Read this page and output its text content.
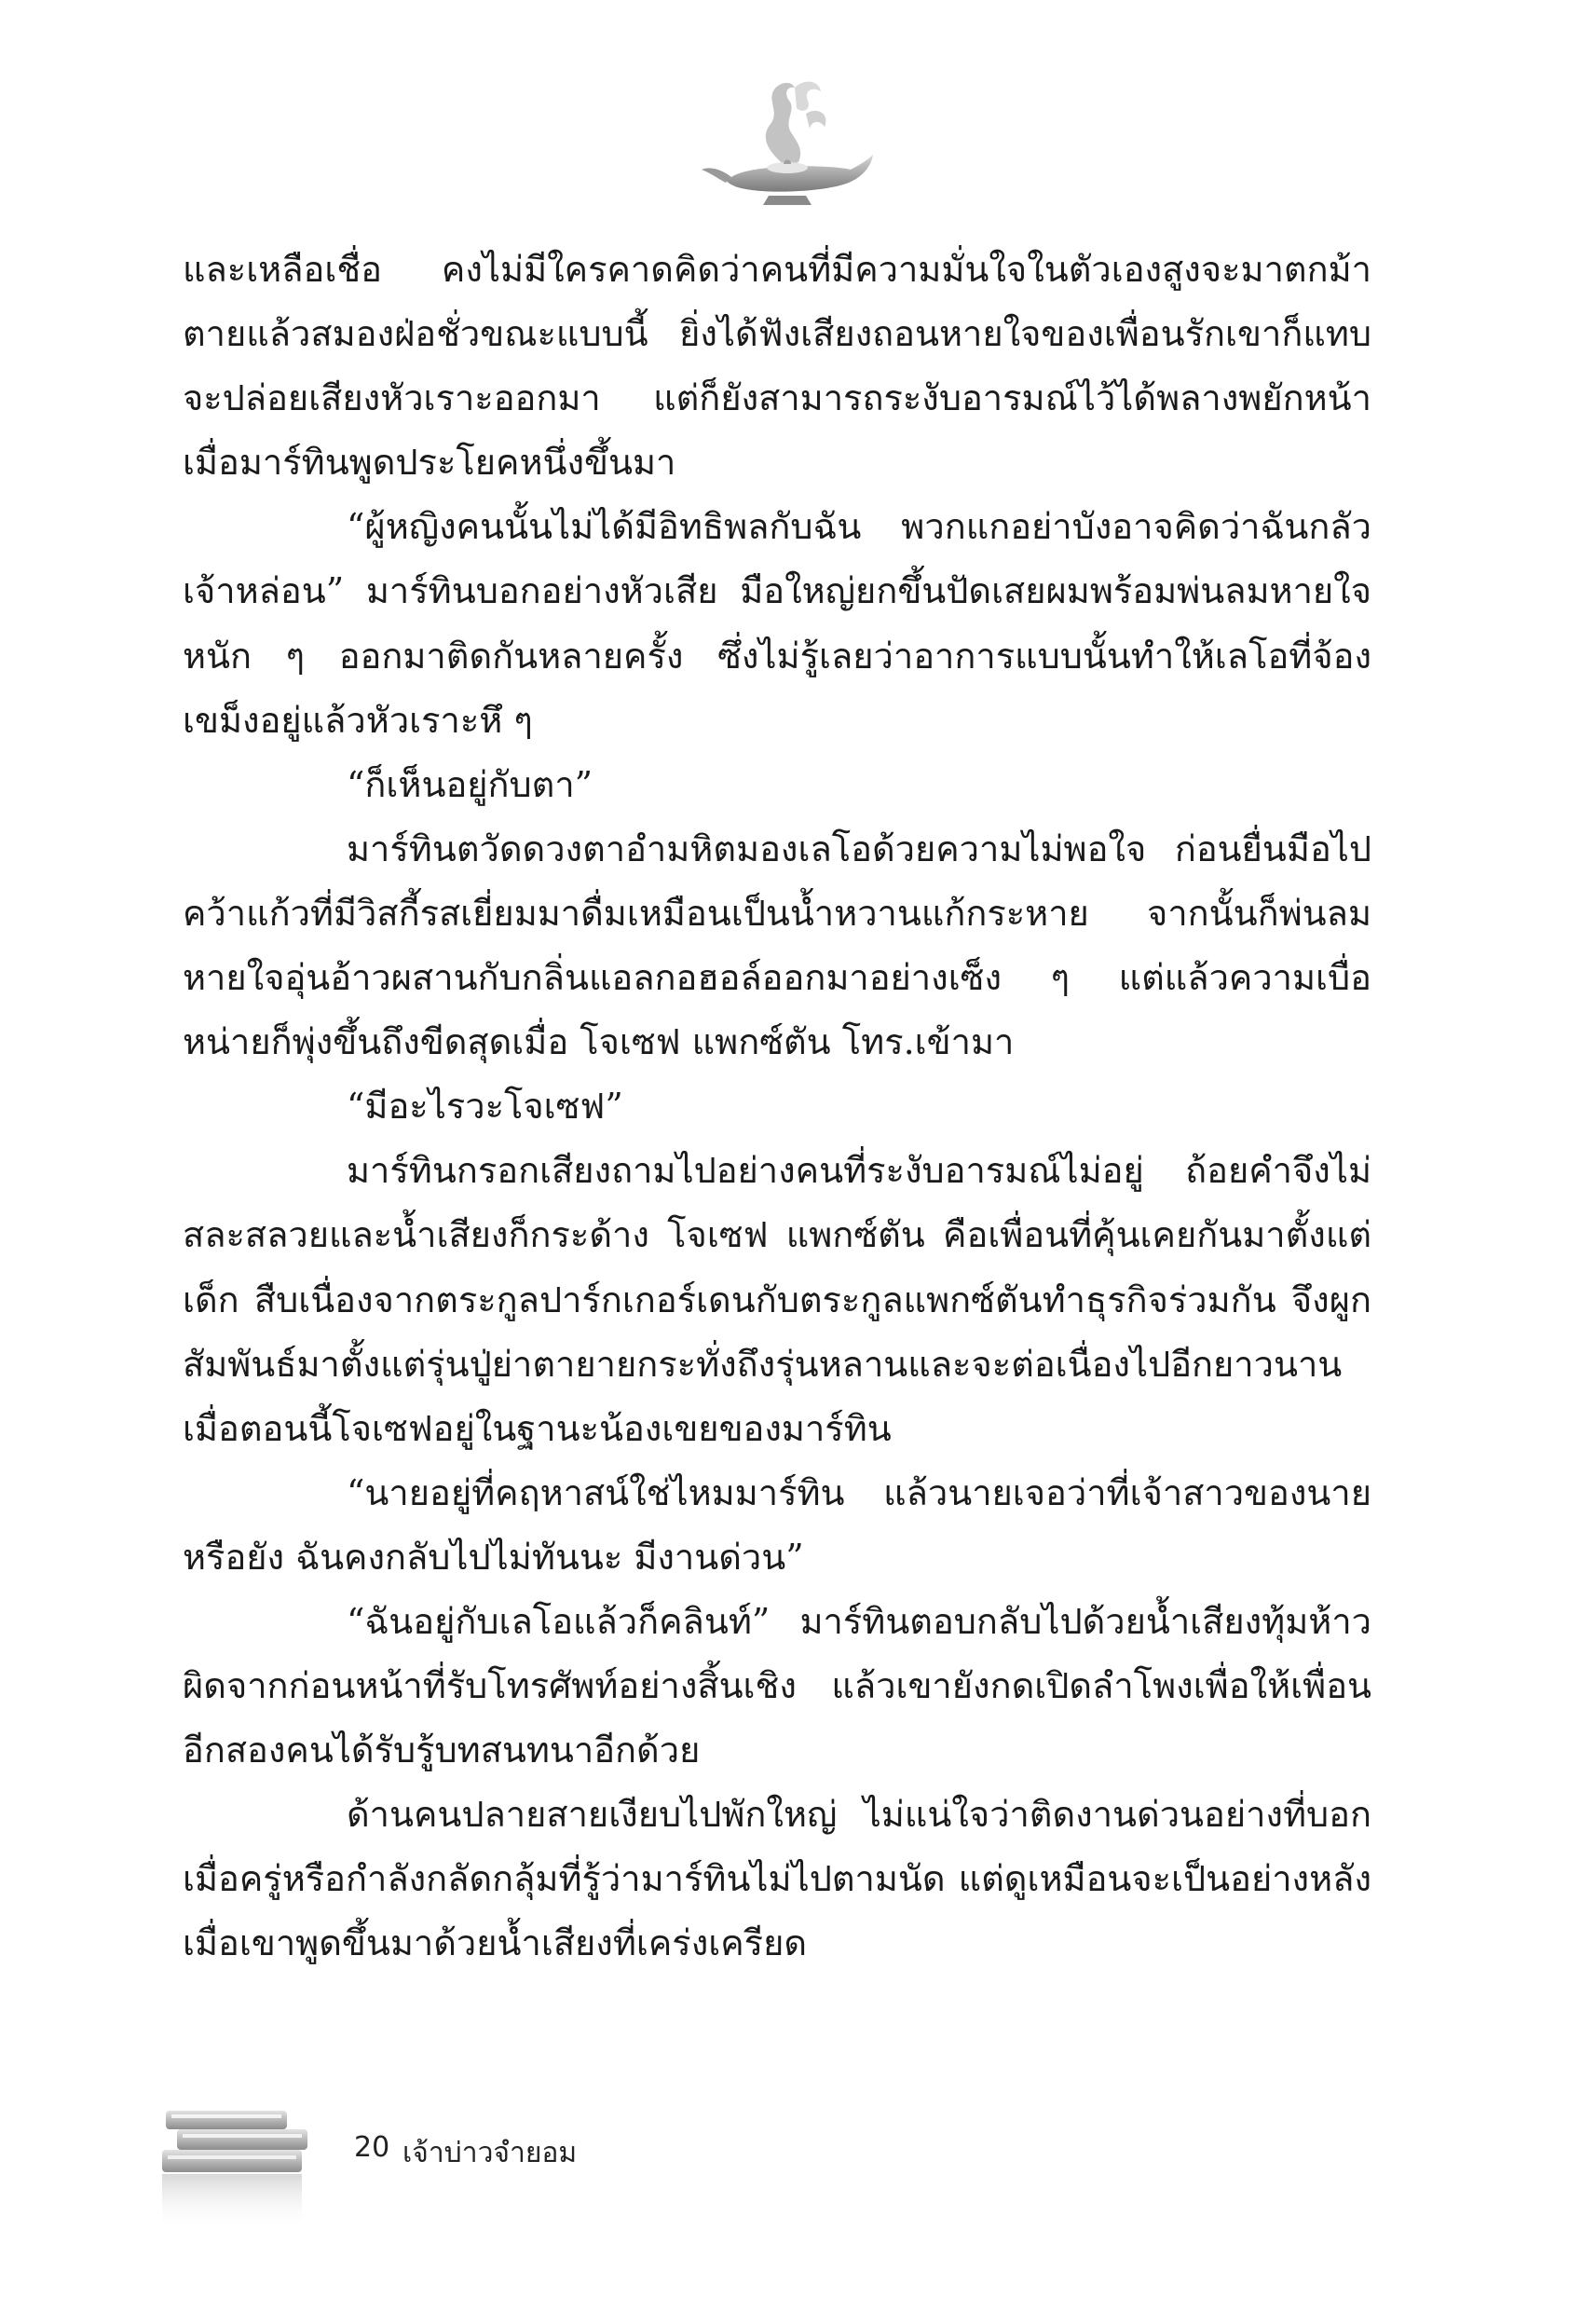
และเหลือเชื่อ คงไม่มีใครคาดคิดว่าคนที่มีความมั่นใจในตัวเองสูงจะมาตกม้าตายแล้วสมองฝ่อชั่วขณะแบบนี้ ยิ่งได้ฟังเสียงถอนหายใจของเพื่อนรักเขาก็แทบจะปล่อยเสียงหัวเราะออกมา แต่ก็ยังสามารถระงับอารมณ์ไว้ได้พลางพยักหน้าเมื่อมาร์ทินพูดประโยคหนึ่งขึ้นมา

“ผู้หญิงคนนั้นไม่ได้มีอิทธิพลกับฉัน พวกแกอย่าบังอาจคิดว่าฉันกลัวเจ้าหล่อน” มาร์ทินบอกอย่างหัวเสีย มือใหญ่ยกขึ้นปัดเสยผมพร้อมพ่นลมหายใจหนัก ๆ ออกมาติดกันหลายครั้ง ซึ่งไม่รู้เลยว่าอาการแบบนั้นทำให้เลโอที่จ้องเขม็งอยู่แล้วหัวเราะหึ ๆ

“ก็เห็นอยู่กับตา”

มาร์ทินตวัดดวงตาอำมหิตมองเลโอด้วยความไม่พอใจ ก่อนยื่นมือไปคว้าแก้วที่มีวิสกี้รสเยี่ยมมาดื่มเหมือนเป็นน้ำหวานแก้กระหาย จากนั้นก็พ่นลมหายใจอุ่นอ้าวผสานกับกลิ่นแอลกอฮอล์ออกมาอย่างเซ็ง ๆ แต่แล้วความเบื่อหน่ายก็พุ่งขึ้นถึงขีดสุดเมื่อ โจเซฟ แพกซ์ตัน โทร.เข้ามา

“มีอะไรวะโจเซฟ”

มาร์ทินกรอกเสียงถามไปอย่างคนที่ระงับอารมณ์ไม่อยู่ ถ้อยคำจึงไม่สละสลวยและน้ำเสียงก็กระด้าง โจเซฟ แพกซ์ตัน คือเพื่อนที่คุ้นเคยกันมาตั้งแต่เด็ก สืบเนื่องจากตระกูลปาร์กเกอร์เดนกับตระกูลแพกซ์ตันทำธุรกิจร่วมกัน จึงผูกสัมพันธ์มาตั้งแต่รุ่นปู่ย่าตายายกระทั่งถึงรุ่นหลานและจะต่อเนื่องไปอีกยาวนานเมื่อตอนนี้โจเซฟอยู่ในฐานะน้องเขยของมาร์ทิน

“นายอยู่ที่คฤหาสน์ใช่ไหมมาร์ทิน แล้วนายเจอว่าที่เจ้าสาวของนายหรือยัง ฉันคงกลับไปไม่ทันนะ มีงานด่วน”

“ฉันอยู่กับเลโอแล้วก็คลินท์” มาร์ทินตอบกลับไปด้วยน้ำเสียงทุ้มห้าว ผิดจากก่อนหน้าที่รับโทรศัพท์อย่างสิ้นเชิง แล้วเขายังกดเปิดลำโพงเพื่อให้เพื่อนอีกสองคนได้รับรู้บทสนทนาอีกด้วย

ด้านคนปลายสายเงียบไปพักใหญ่ ไม่แน่ใจว่าติดงานด่วนอย่างที่บอกเมื่อครู่หรือกำลังกลัดกลุ้มที่รู้ว่ามาร์ทินไม่ไปตามนัด แต่ดูเหมือนจะเป็นอย่างหลังเมื่อเขาพูดขึ้นมาด้วยน้ำเสียงที่เคร่งเครียด

20 เจ้าบ่าวจำยอม
